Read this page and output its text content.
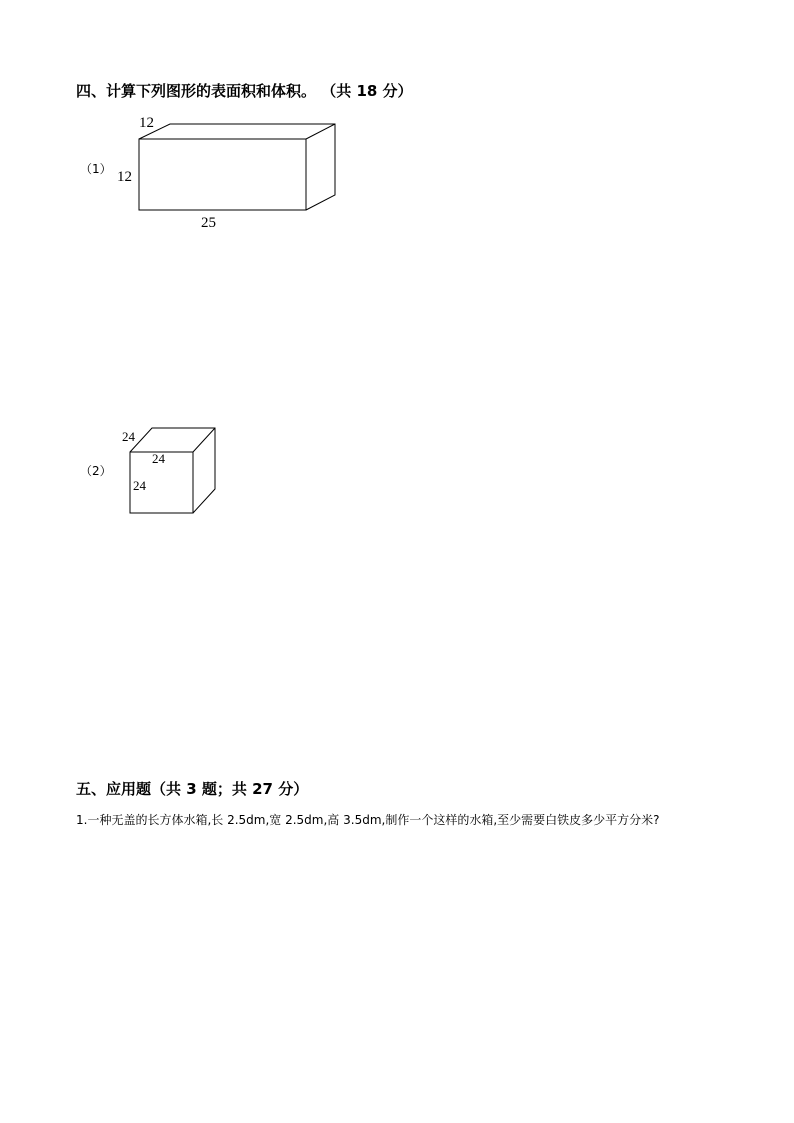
四、计算下列图形的表面积和体积。 （共 18 分）
（1）
12
12
25
24
24
24
（2）
五、应用题（共 3 题；共 27 分）
1.一种无盖的长方体水箱,长 2.5dm,宽 2.5dm,高 3.5dm,制作一个这样的水箱,至少需要白铁皮多少平方分米?
